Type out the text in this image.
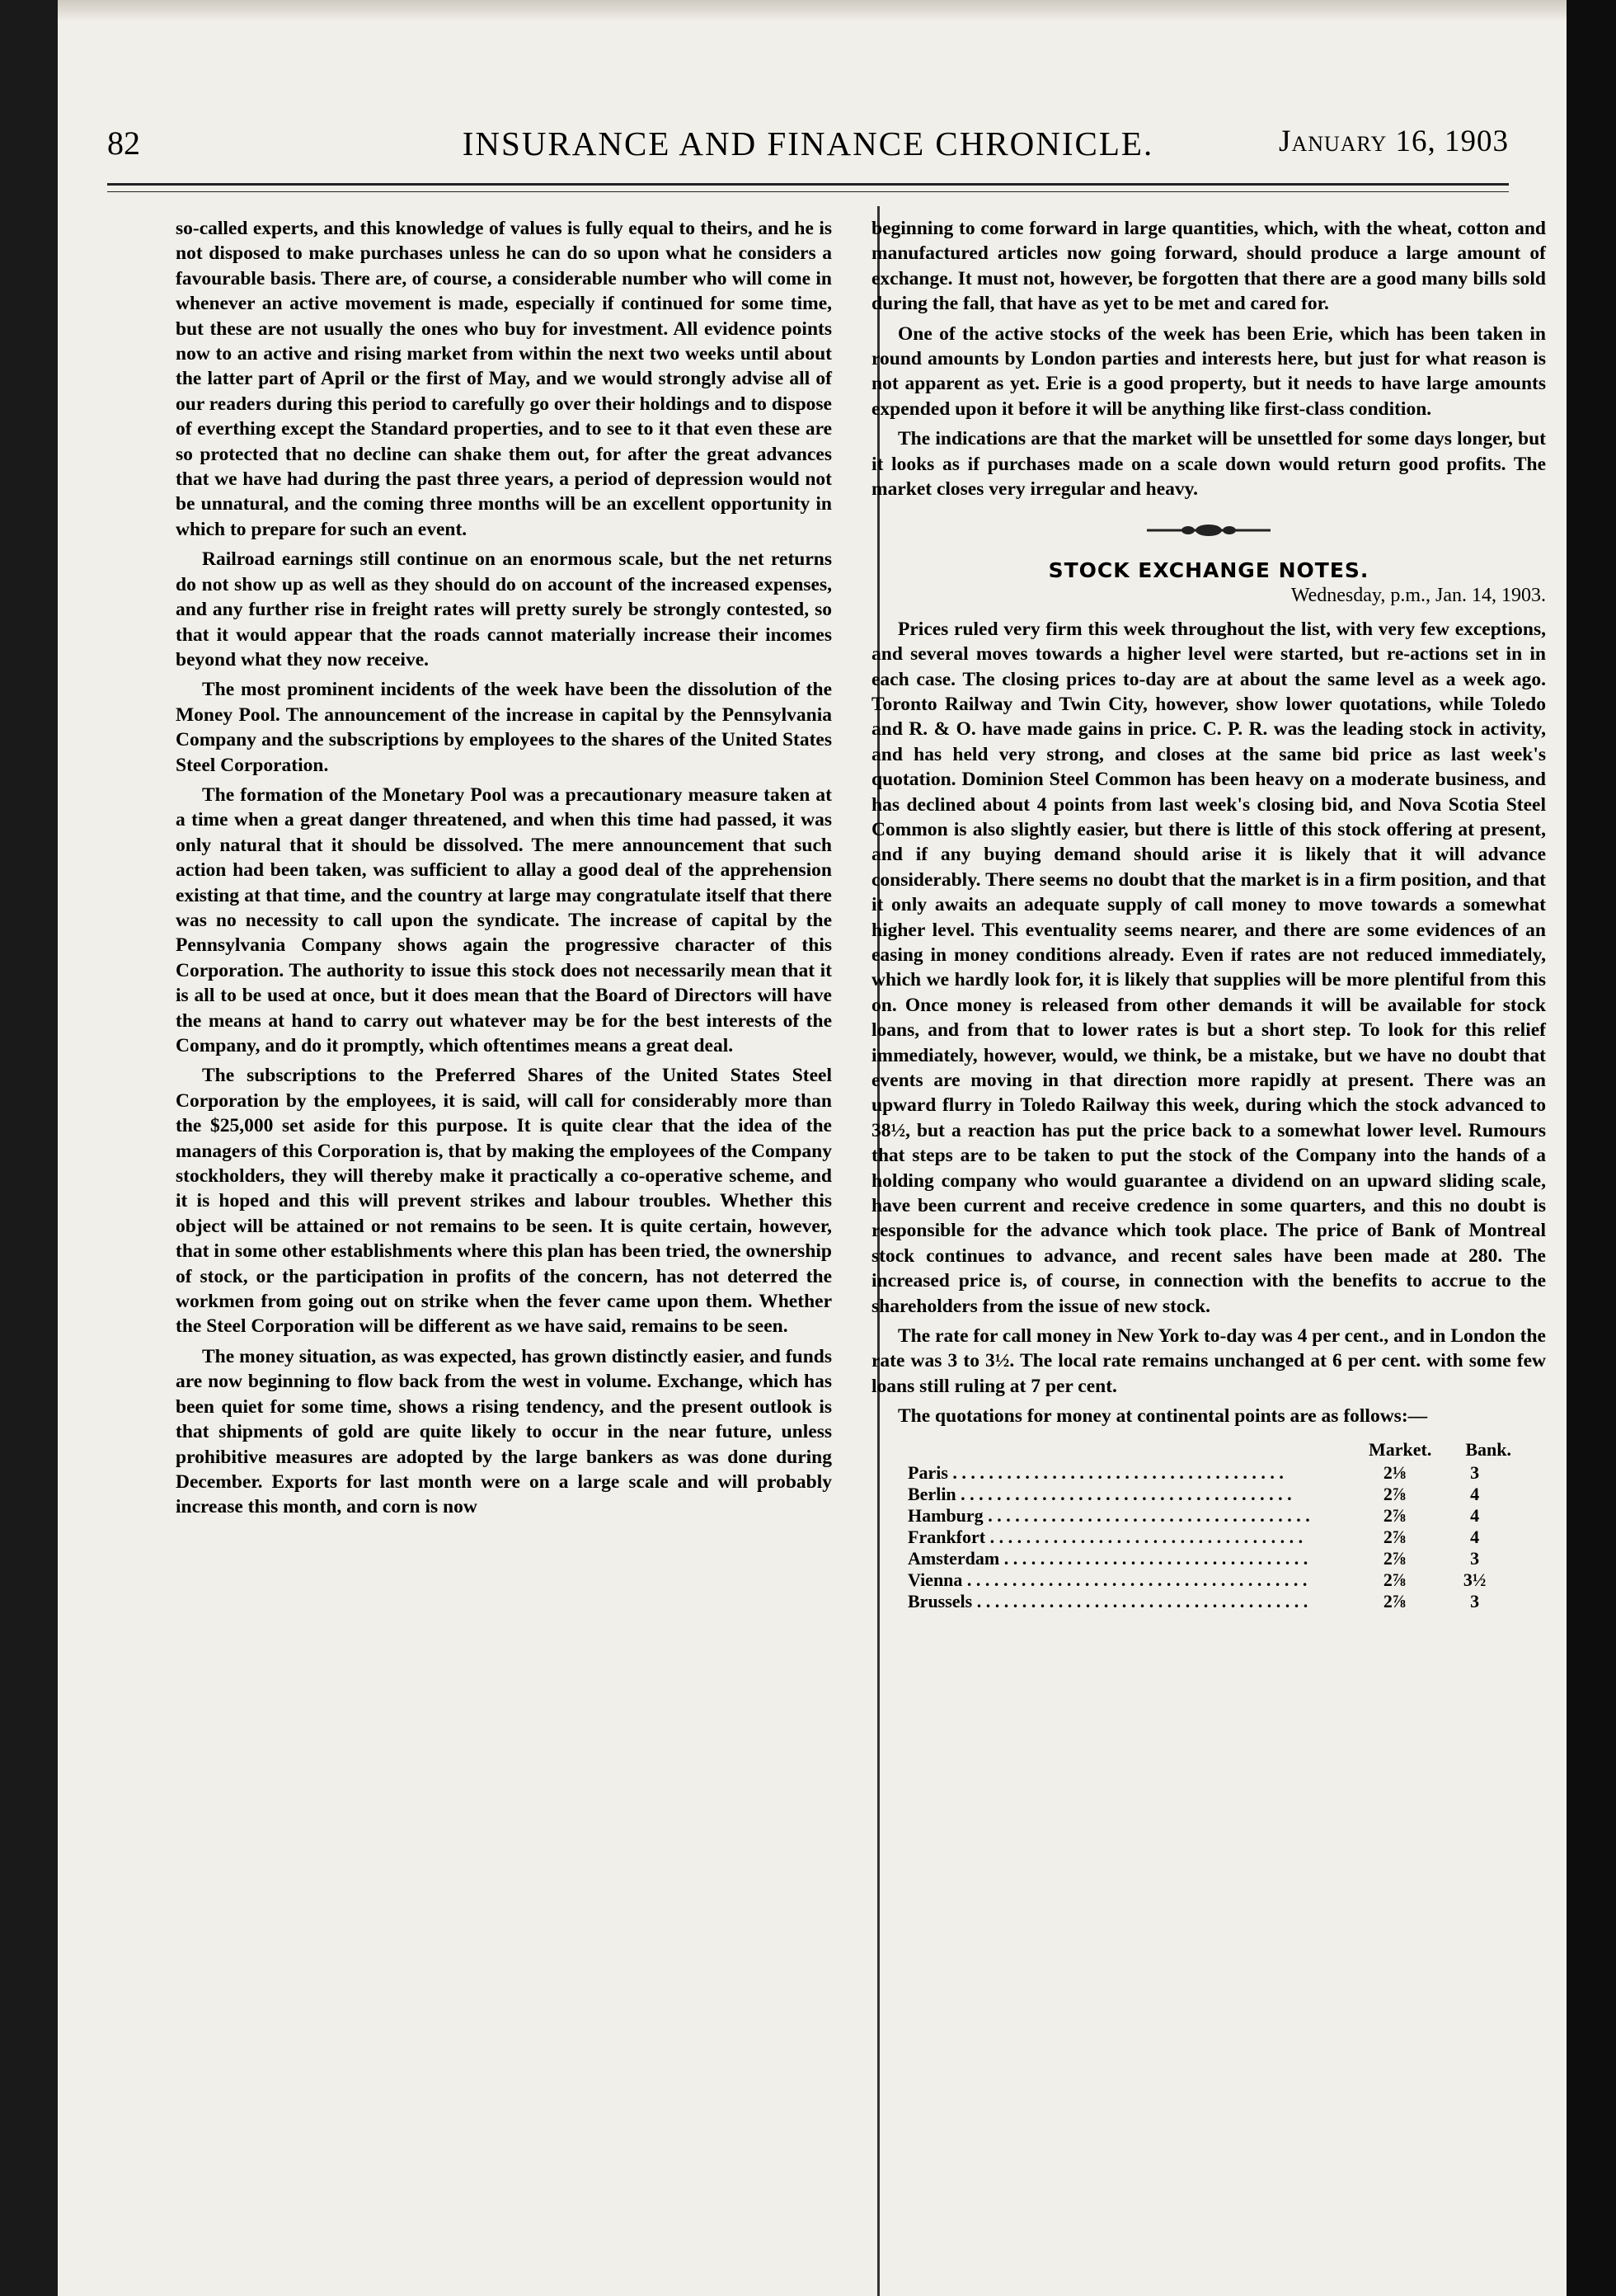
82	INSURANCE AND FINANCE CHRONICLE.	January 16, 1903

so-called experts, and this knowledge of values is fully equal to theirs, and he is not disposed to make purchases unless he can do so upon what he considers a favourable basis. There are, of course, a considerable number who will come in whenever an active movement is made, especially if continued for some time, but these are not usually the ones who buy for investment. All evidence points now to an active and rising market from within the next two weeks until about the latter part of April or the first of May, and we would strongly advise all of our readers during this period to carefully go over their holdings and to dispose of everthing except the Standard properties, and to see to it that even these are so protected that no decline can shake them out, for after the great advances that we have had during the past three years, a period of depression would not be unnatural, and the coming three months will be an excellent opportunity in which to prepare for such an event.

Railroad earnings still continue on an enormous scale, but the net returns do not show up as well as they should do on account of the increased expenses, and any further rise in freight rates will pretty surely be strongly contested, so that it would appear that the roads cannot materially increase their incomes beyond what they now receive.

The most prominent incidents of the week have been the dissolution of the Money Pool. The announcement of the increase in capital by the Pennsylvania Company and the subscriptions by employees to the shares of the United States Steel Corporation.

The formation of the Monetary Pool was a precautionary measure taken at a time when a great danger threatened, and when this time had passed, it was only natural that it should be dissolved. The mere announcement that such action had been taken, was sufficient to allay a good deal of the apprehension existing at that time, and the country at large may congratulate itself that there was no necessity to call upon the syndicate. The increase of capital by the Pennsylvania Company shows again the progressive character of this Corporation. The authority to issue this stock does not necessarily mean that it is all to be used at once, but it does mean that the Board of Directors will have the means at hand to carry out whatever may be for the best interests of the Company, and do it promptly, which oftentimes means a great deal.

The subscriptions to the Preferred Shares of the United States Steel Corporation by the employees, it is said, will call for considerably more than the $25,000 set aside for this purpose. It is quite clear that the idea of the managers of this Corporation is, that by making the employees of the Company stockholders, they will thereby make it practically a co-operative scheme, and it is hoped and this will prevent strikes and labour troubles. Whether this object will be attained or not remains to be seen. It is quite certain, however, that in some other establishments where this plan has been tried, the ownership of stock, or the participation in profits of the concern, has not deterred the workmen from going out on strike when the fever came upon them. Whether the Steel Corporation will be different as we have said, remains to be seen.

The money situation, as was expected, has grown distinctly easier, and funds are now beginning to flow back from the west in volume. Exchange, which has been quiet for some time, shows a rising tendency, and the present outlook is that shipments of gold are quite likely to occur in the near future, unless prohibitive measures are adopted by the large bankers as was done during December. Exports for last month were on a large scale and will probably increase this month, and corn is now

beginning to come forward in large quantities, which, with the wheat, cotton and manufactured articles now going forward, should produce a large amount of exchange. It must not, however, be forgotten that there are a good many bills sold during the fall, that have as yet to be met and cared for.

One of the active stocks of the week has been Erie, which has been taken in round amounts by London parties and interests here, but just for what reason is not apparent as yet. Erie is a good property, but it needs to have large amounts expended upon it before it will be anything like first-class condition.

The indications are that the market will be unsettled for some days longer, but it looks as if purchases made on a scale down would return good profits. The market closes very irregular and heavy.

STOCK EXCHANGE NOTES.
Wednesday, p.m., Jan. 14, 1903.

Prices ruled very firm this week throughout the list, with very few exceptions, and several moves towards a higher level were started, but re-actions set in in each case. The closing prices to-day are at about the same level as a week ago. Toronto Railway and Twin City, however, show lower quotations, while Toledo and R. & O. have made gains in price. C. P. R. was the leading stock in activity, and has held very strong, and closes at the same bid price as last week's quotation. Dominion Steel Common has been heavy on a moderate business, and has declined about 4 points from last week's closing bid, and Nova Scotia Steel Common is also slightly easier, but there is little of this stock offering at present, and if any buying demand should arise it is likely that it will advance considerably. There seems no doubt that the market is in a firm position, and that it only awaits an adequate supply of call money to move towards a somewhat higher level. This eventuality seems nearer, and there are some evidences of an easing in money conditions already. Even if rates are not reduced immediately, which we hardly look for, it is likely that supplies will be more plentiful from this on. Once money is released from other demands it will be available for stock loans, and from that to lower rates is but a short step. To look for this relief immediately, however, would, we think, be a mistake, but we have no doubt that events are moving in that direction more rapidly at present. There was an upward flurry in Toledo Railway this week, during which the stock advanced to 38½, but a reaction has put the price back to a somewhat lower level. Rumours that steps are to be taken to put the stock of the Company into the hands of a holding company who would guarantee a dividend on an upward sliding scale, have been current and receive credence in some quarters, and this no doubt is responsible for the advance which took place. The price of Bank of Montreal stock continues to advance, and recent sales have been made at 280. The increased price is, of course, in connection with the benefits to accrue to the shareholders from the issue of new stock.

The rate for call money in New York to-day was 4 per cent., and in London the rate was 3 to 3½. The local rate remains unchanged at 6 per cent. with some few loans still ruling at 7 per cent.

The quotations for money at continental points are as follows:—

	Market.	Bank.
Paris . . . . . . . . . . . . . . . . . . . . . . . . . . . . . . . . . . . . .	2⅛	3
Berlin . . . . . . . . . . . . . . . . . . . . . . . . . . . . . . . . . . . . .	2⅞	4
Hamburg . . . . . . . . . . . . . . . . . . . . . . . . . . . . . . . . . . . .	2⅞	4
Frankfort . . . . . . . . . . . . . . . . . . . . . . . . . . . . . . . . . . .	2⅞	4
Amsterdam . . . . . . . . . . . . . . . . . . . . . . . . . . . . . . . . . .	2⅞	3
Vienna . . . . . . . . . . . . . . . . . . . . . . . . . . . . . . . . . . . . . .	2⅞	3½
Brussels . . . . . . . . . . . . . . . . . . . . . . . . . . . . . . . . . . . . .	2⅞	3
